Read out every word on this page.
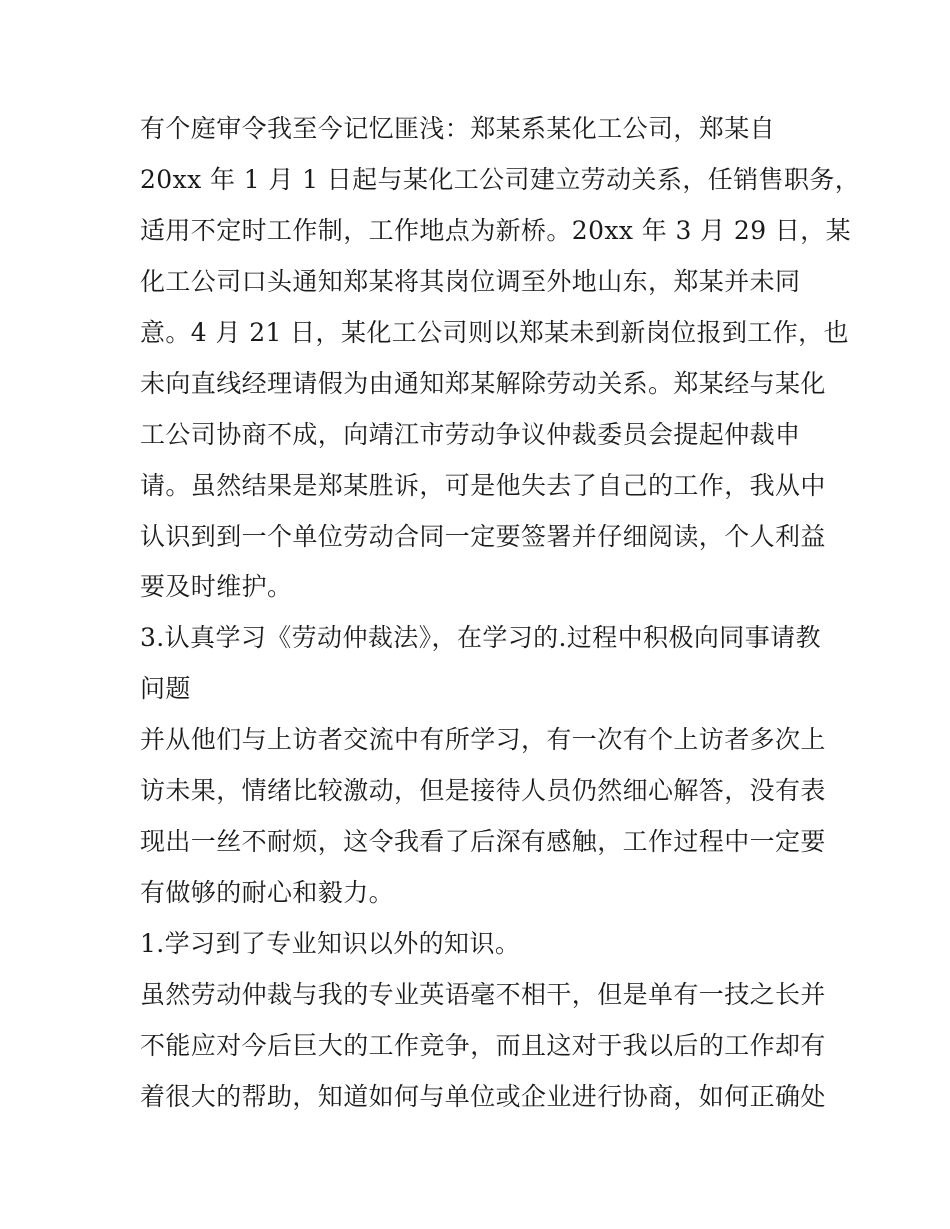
有个庭审令我至今记忆匪浅：郑某系某化工公司，郑某自
20xx 年 1 月 1 日起与某化工公司建立劳动关系，任销售职务，
适用不定时工作制，工作地点为新桥。20xx 年 3 月 29 日，某
化工公司口头通知郑某将其岗位调至外地山东，郑某并未同
意。4 月 21 日，某化工公司则以郑某未到新岗位报到工作，也
未向直线经理请假为由通知郑某解除劳动关系。郑某经与某化
工公司协商不成，向靖江市劳动争议仲裁委员会提起仲裁申
请。虽然结果是郑某胜诉，可是他失去了自己的工作，我从中
认识到到一个单位劳动合同一定要签署并仔细阅读，个人利益
要及时维护。
3.认真学习《劳动仲裁法》，在学习的.过程中积极向同事请教
问题
并从他们与上访者交流中有所学习，有一次有个上访者多次上
访未果，情绪比较激动，但是接待人员仍然细心解答，没有表
现出一丝不耐烦，这令我看了后深有感触，工作过程中一定要
有做够的耐心和毅力。
1.学习到了专业知识以外的知识。
虽然劳动仲裁与我的专业英语毫不相干，但是单有一技之长并
不能应对今后巨大的工作竞争，而且这对于我以后的工作却有
着很大的帮助，知道如何与单位或企业进行协商，如何正确处
